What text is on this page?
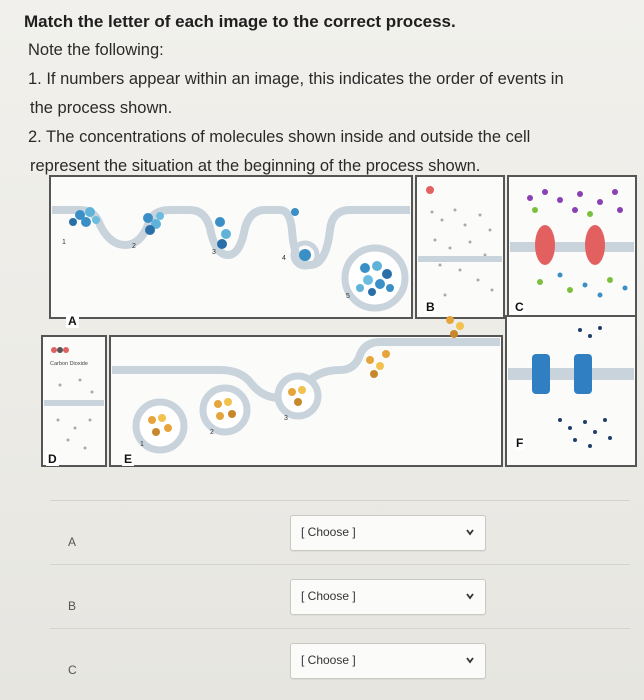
Match the letter of each image to the correct process.
Note the following:
1. If numbers appear within an image, this indicates the order of events in
the process shown.
2. The concentrations of molecules shown inside and outside the cell
represent the situation at the beginning of the process shown.
1
2
3
4
5
Carbon Dioxide
1
2
3
A
B	C
D	E
F
A
[ Choose ]
B
[ Choose ]
C
[ Choose ]
